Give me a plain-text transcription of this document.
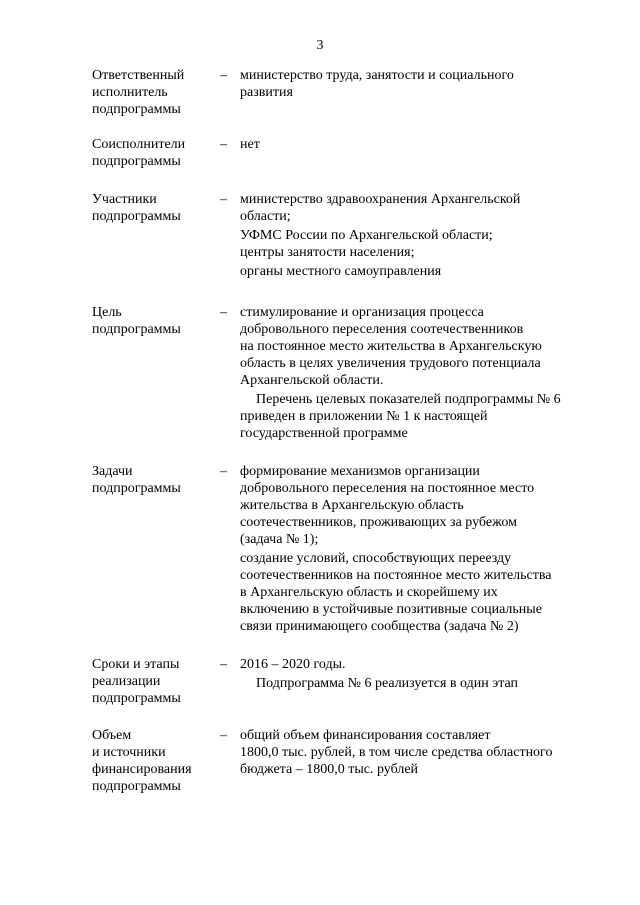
3
Ответственный
исполнитель
подпрограммы
– министерство труда, занятости и социального
развития
Соисполнители
подпрограммы
– нет
Участники
подпрограммы
– министерство здравоохранения Архангельской
области;
УФМС России по Архангельской области;
центры занятости населения;
органы местного самоуправления
Цель
подпрограммы
– стимулирование и организация процесса
добровольного переселения соотечественников
на постоянное место жительства в Архангельскую
область в целях увеличения трудового потенциала
Архангельской области.
Перечень целевых показателей подпрограммы № 6
приведен в приложении № 1 к настоящей
государственной программе
Задачи
подпрограммы
– формирование механизмов организации
добровольного переселения на постоянное место
жительства в Архангельскую область
соотечественников, проживающих за рубежом
(задача № 1);
создание условий, способствующих переезду
соотечественников на постоянное место жительства
в Архангельскую область и скорейшему их
включению в устойчивые позитивные социальные
связи принимающего сообщества (задача № 2)
Сроки и этапы
реализации
подпрограммы
– 2016 – 2020 годы.
Подпрограмма № 6 реализуется в один этап
Объем
и источники
финансирования
подпрограммы
– общий объем финансирования составляет
1800,0 тыс. рублей, в том числе средства областного
бюджета – 1800,0 тыс. рублей
